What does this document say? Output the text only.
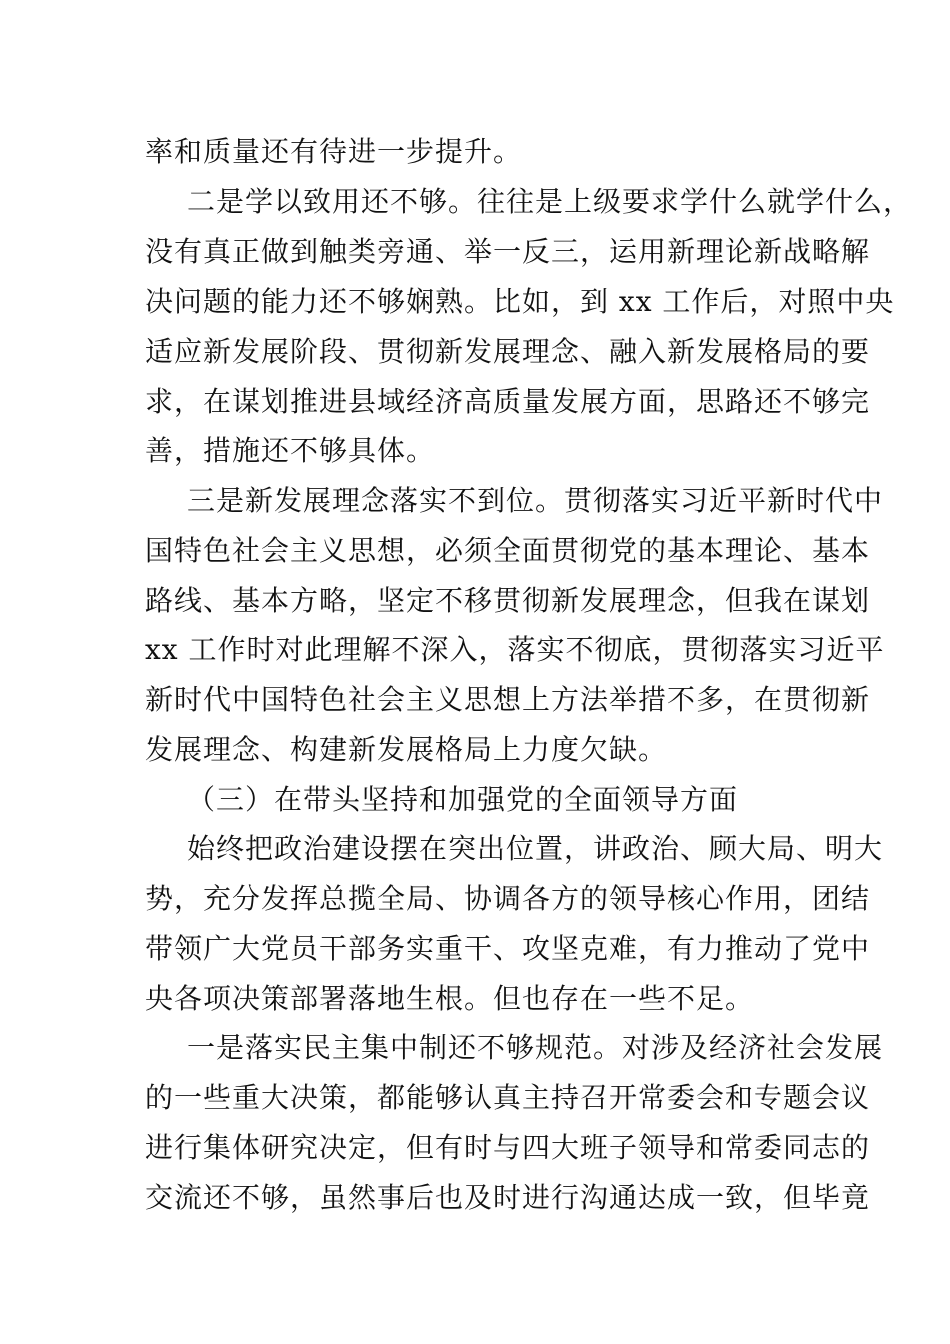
率和质量还有待进一步提升。
二是学以致用还不够。往往是上级要求学什么就学什么，
没有真正做到触类旁通、举一反三，运用新理论新战略解
决问题的能力还不够娴熟。比如，到 xx 工作后，对照中央
适应新发展阶段、贯彻新发展理念、融入新发展格局的要
求，在谋划推进县域经济高质量发展方面，思路还不够完
善，措施还不够具体。
三是新发展理念落实不到位。贯彻落实习近平新时代中
国特色社会主义思想，必须全面贯彻党的基本理论、基本
路线、基本方略，坚定不移贯彻新发展理念，但我在谋划
xx 工作时对此理解不深入，落实不彻底，贯彻落实习近平
新时代中国特色社会主义思想上方法举措不多，在贯彻新
发展理念、构建新发展格局上力度欠缺。
（三）在带头坚持和加强党的全面领导方面
始终把政治建设摆在突出位置，讲政治、顾大局、明大
势，充分发挥总揽全局、协调各方的领导核心作用，团结
带领广大党员干部务实重干、攻坚克难，有力推动了党中
央各项决策部署落地生根。但也存在一些不足。
一是落实民主集中制还不够规范。对涉及经济社会发展
的一些重大决策，都能够认真主持召开常委会和专题会议
进行集体研究决定，但有时与四大班子领导和常委同志的
交流还不够，虽然事后也及时进行沟通达成一致，但毕竟
